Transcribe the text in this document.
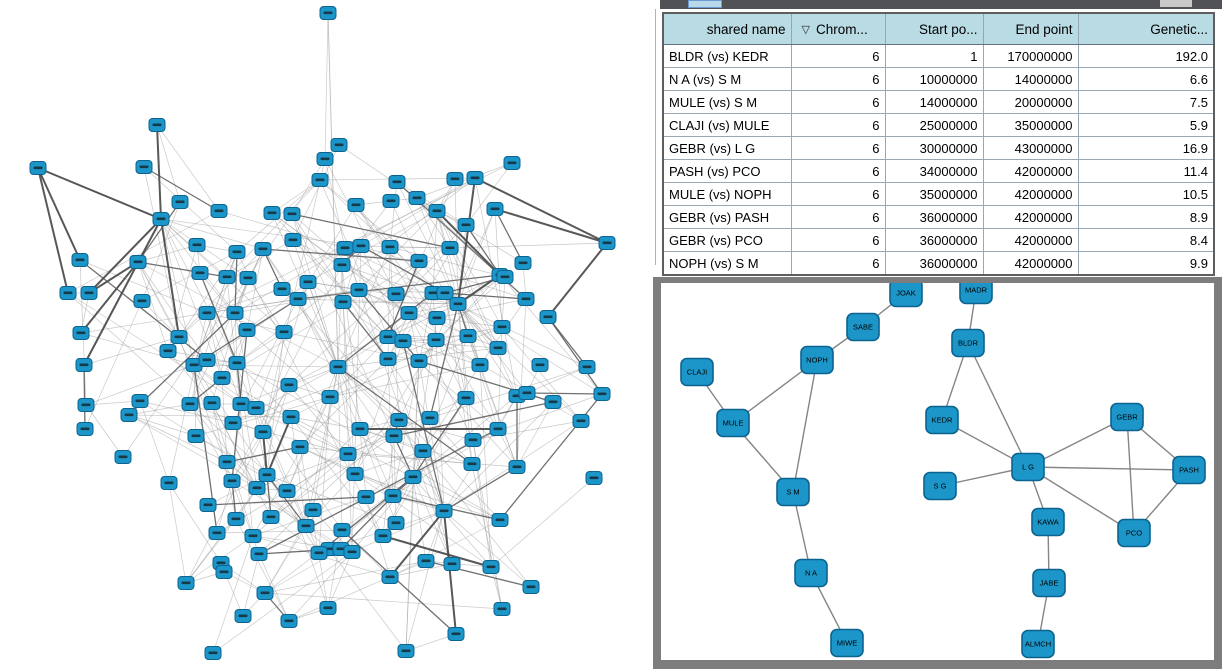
shared name	▽ Chrom...	Start po...	End point	Genetic...
BLDR (vs) KEDR	6	1	170000000	192.0
N A (vs) S M	6	10000000	14000000	6.6
MULE (vs) S M	6	14000000	20000000	7.5
CLAJI (vs) MULE	6	25000000	35000000	5.9
GEBR (vs) L G	6	30000000	43000000	16.9
PASH (vs) PCO	6	34000000	42000000	11.4
MULE (vs) NOPH	6	35000000	42000000	10.5
GEBR (vs) PASH	6	36000000	42000000	8.9
GEBR (vs) PCO	6	36000000	42000000	8.4
NOPH (vs) S M	6	36000000	42000000	9.9
JOAK
SABE
NOPH
CLAJI
MULE
S M
N A
MIWE
MADR
BLDR
KEDR
S G
L G
GEBR
PASH
PCO
KAWA
JABE
ALMCH
